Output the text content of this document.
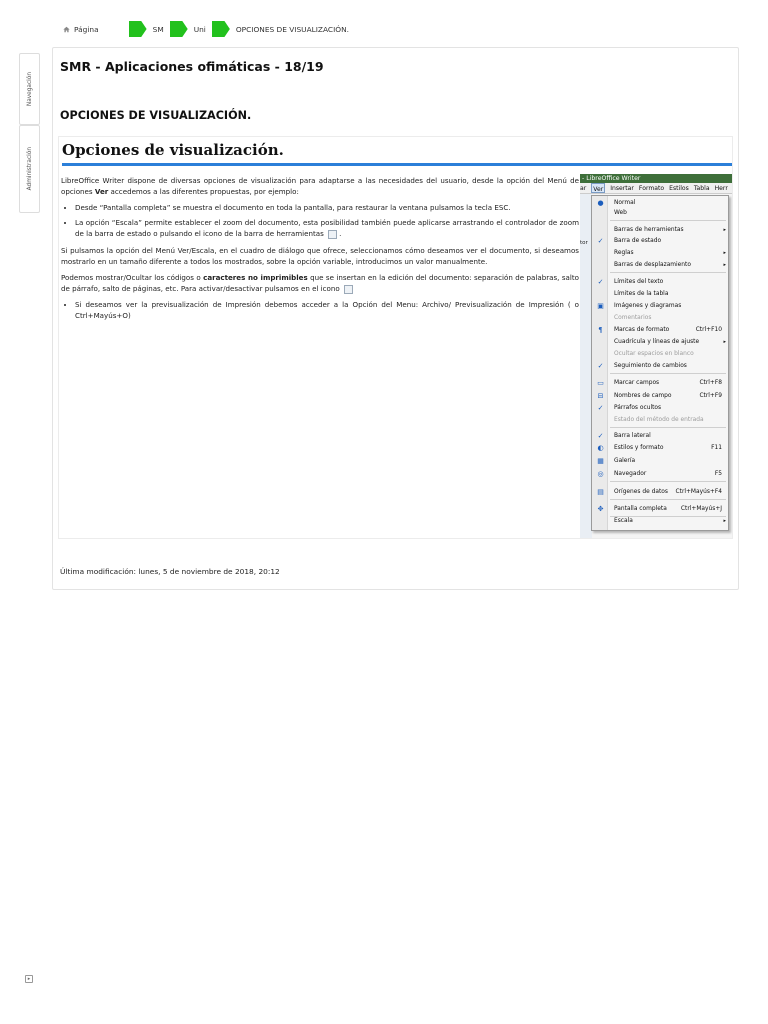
Página	SM	Uni	OPCIONES DE VISUALIZACIÓN.
Navegación
Administración
SMR - Aplicaciones ofimáticas - 18/19
OPCIONES DE VISUALIZACIÓN.
Opciones de visualización.

LibreOffice Writer dispone de diversas opciones de visualización para adaptarse a las necesidades del usuario, desde la opción del Menú de opciones Ver accedemos a las diferentes propuestas, por ejemplo:

• Desde “Pantalla completa” se muestra el documento en toda la pantalla, para restaurar la ventana pulsamos la tecla ESC.
• La opción “Escala” permite establecer el zoom del documento, esta posibilidad también puede aplicarse arrastrando el controlador de zoom de la barra de estado o pulsando el icono de la barra de herramientas .

Si pulsamos la opción del Menú Ver/Escala, en el cuadro de diálogo que ofrece, seleccionamos cómo deseamos ver el documento, si deseamos mostrarlo en un tamaño diferente a todos los mostrados, sobre la opción variable, introducimos un valor manualmente.

Podemos mostrar/Ocultar los códigos o caracteres no imprimibles que se insertan en la edición del documento: separación de palabras, salto de párrafo, salto de páginas, etc. Para activar/desactivar pulsamos en el icono

• Si deseamos ver la previsualización de Impresión debemos acceder a la Opción del Menu: Archivo/ Previsualización de Impresión ( o Ctrl+Mayús+O)
- LibreOffice Writer
ar	Ver	Insertar Formato Estilos Tabla Herr
tor
● Normal
Web
Barras de herramientas	▸
✓ Barra de estado
Reglas	▸
Barras de desplazamiento	▸
✓ Límites del texto
Límites de la tabla
▣ Imágenes y diagramas
Comentarios
¶	Marcas de formato	Ctrl+F10
Cuadrícula y líneas de ajuste	▸
Ocultar espacios en blanco
✓ Seguimiento de cambios
▭ Marcar campos	Ctrl+F8
⊟ Nombres de campo	Ctrl+F9
✓ Párrafos ocultos
Estado del método de entrada
✓ Barra lateral
◐ Estilos y formato	F11
▦ Galería
◎ Navegador	F5
▤ Orígenes de datos Ctrl+Mayús+F4
✥ Pantalla completa Ctrl+Mayús+J
Escala	▸
Última modificación: lunes, 5 de noviembre de 2018, 20:12
▸
